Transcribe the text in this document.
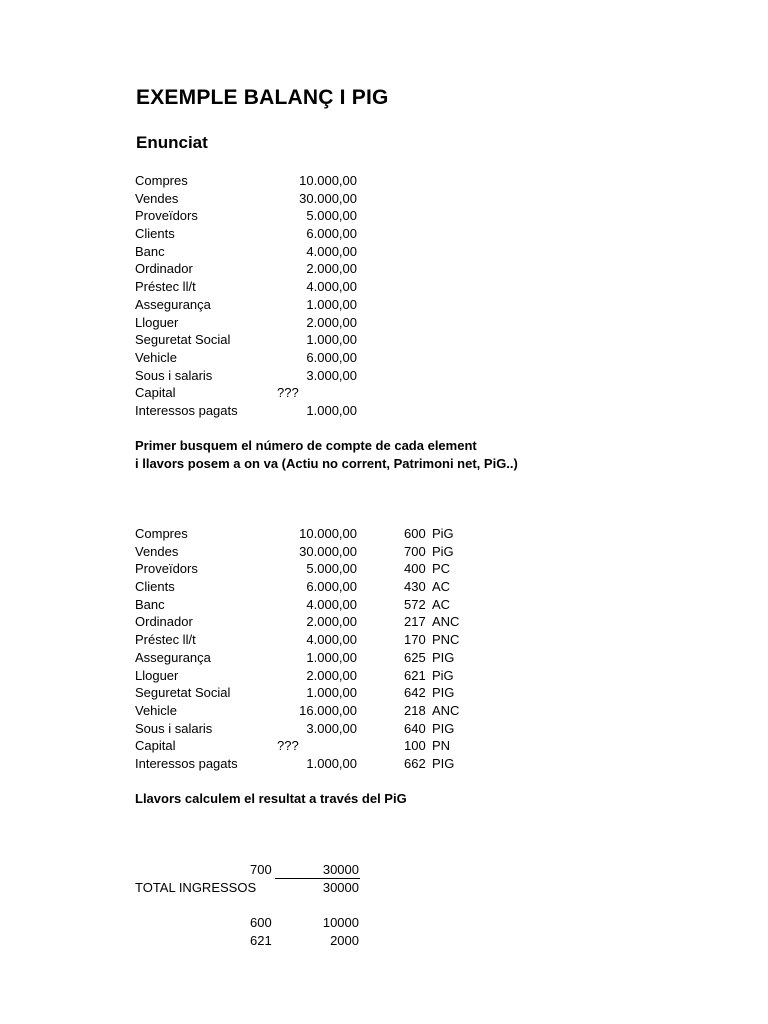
EXEMPLE BALANÇ I PIG
Enunciat
Compres	10.000,00
Vendes	30.000,00
Proveïdors	5.000,00
Clients	6.000,00
Banc	4.000,00
Ordinador	2.000,00
Préstec ll/t	4.000,00
Assegurança	1.000,00
Lloguer	2.000,00
Seguretat Social	1.000,00
Vehicle	6.000,00
Sous i salaris	3.000,00
Capital	???
Interessos pagats	1.000,00
Primer busquem el número de compte de cada element
i llavors posem a on va (Actiu no corrent, Patrimoni net, PiG..)
Compres	10.000,00	600 PiG
Vendes	30.000,00	700 PiG
Proveïdors	5.000,00	400 PC
Clients	6.000,00	430 AC
Banc	4.000,00	572 AC
Ordinador	2.000,00	217 ANC
Préstec ll/t	4.000,00	170 PNC
Assegurança	1.000,00	625 PIG
Lloguer	2.000,00	621 PiG
Seguretat Social	1.000,00	642 PIG
Vehicle	16.000,00	218 ANC
Sous i salaris	3.000,00	640 PIG
Capital	???	100 PN
Interessos pagats	1.000,00	662 PIG
Llavors calculem el resultat a través del PiG
700	30000
TOTAL INGRESSOS	30000
600	10000
621	2000
